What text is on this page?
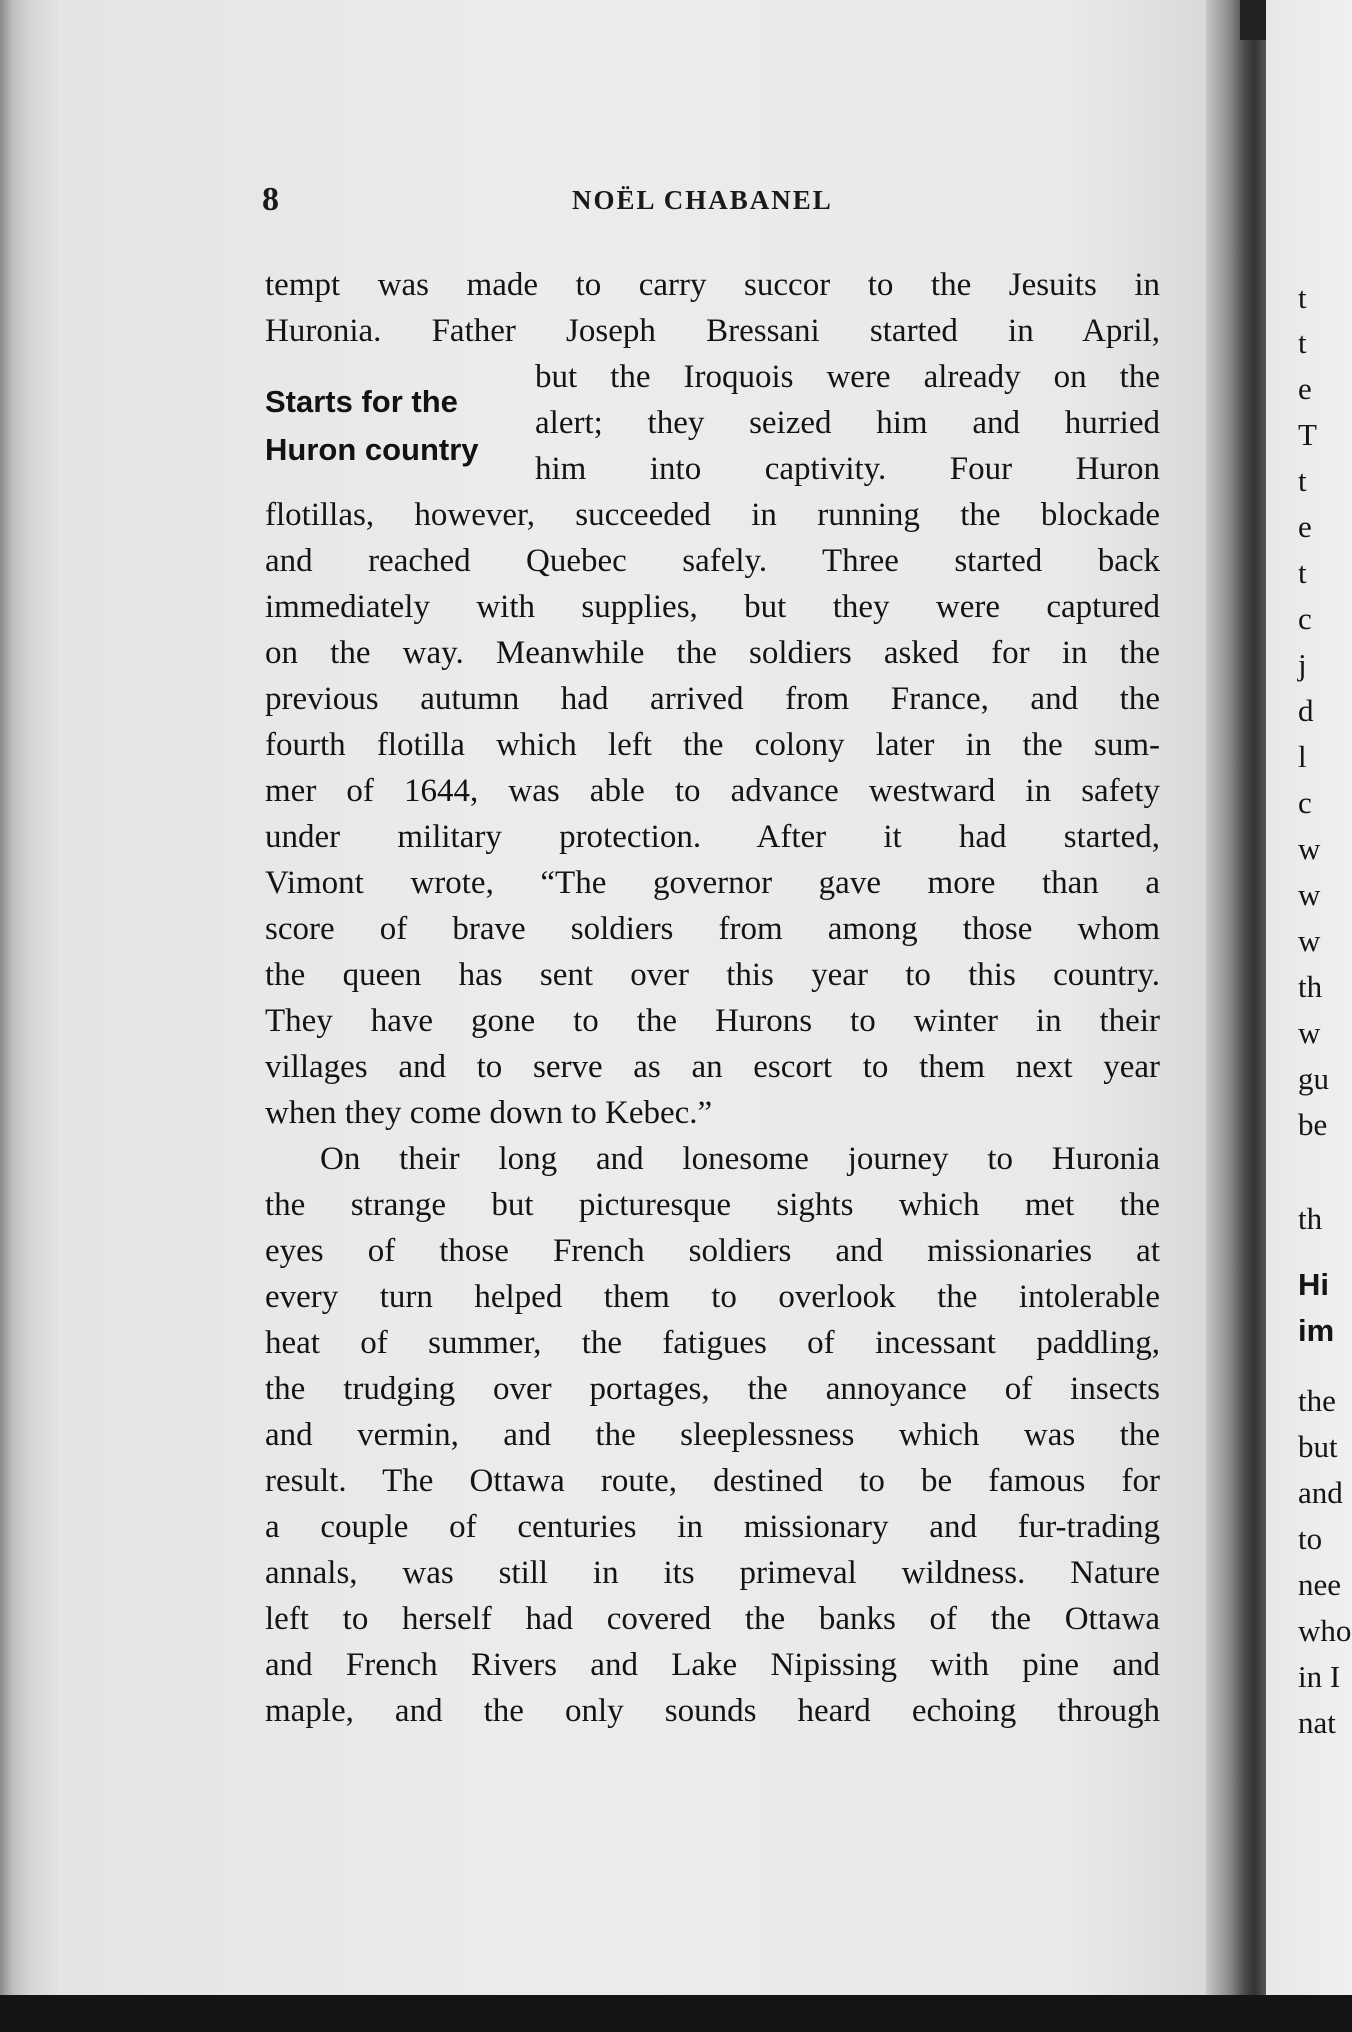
8	NOËL CHABANEL
Starts for the
Huron country
tempt was made to carry succor to the Jesuits in
Huronia. Father Joseph Bressani started in April,
but the Iroquois were already on the
alert; they seized him and hurried
him into captivity. Four Huron
flotillas, however, succeeded in running the blockade
and reached Quebec safely. Three started back
immediately with supplies, but they were captured
on the way. Meanwhile the soldiers asked for in the
previous autumn had arrived from France, and the
fourth flotilla which left the colony later in the sum-
mer of 1644, was able to advance westward in safety
under military protection. After it had started,
Vimont wrote, “The governor gave more than a
score of brave soldiers from among those whom
the queen has sent over this year to this country.
They have gone to the Hurons to winter in their
villages and to serve as an escort to them next year
when they come down to Kebec.”
On their long and lonesome journey to Huronia
the strange but picturesque sights which met the
eyes of those French soldiers and missionaries at
every turn helped them to overlook the intolerable
heat of summer, the fatigues of incessant paddling,
the trudging over portages, the annoyance of insects
and vermin, and the sleeplessness which was the
result. The Ottawa route, destined to be famous for
a couple of centuries in missionary and fur-trading
annals, was still in its primeval wildness. Nature
left to herself had covered the banks of the Ottawa
and French Rivers and Lake Nipissing with pine and
maple, and the only sounds heard echoing through
t
t
e
T
t
e
t
c
j
d
l
c
w
w
w
th
w
gu
be
th
Hi
im
the
but
and
to
nee
who
in I
nat
